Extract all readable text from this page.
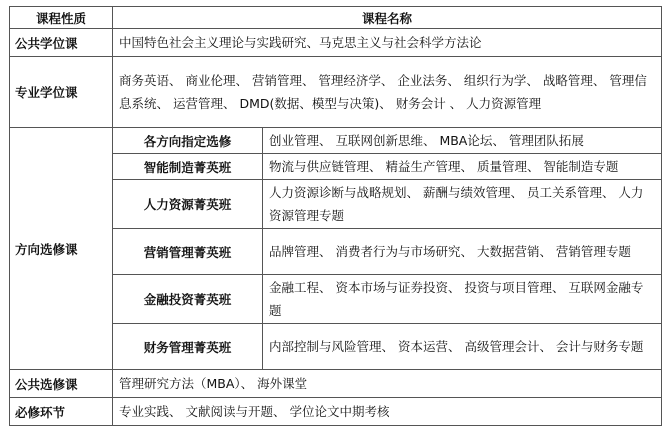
课程性质	课程名称	
公共学位课	中国特色社会主义理论与实践研究、马克思主义与社会科学方法论	
专业学位课	商务英语、 商业伦理、 营销管理、 管理经济学、 企业法务、 组织行为学、 战略管理、 管理信息系统、 运营管理、 DMD(数据、模型与决策)、 财务会计 、 人力资源管理	
方向选修课	各方向指定选修	创业管理、 互联网创新思维、 MBA论坛、 管理团队拓展
	智能制造菁英班	物流与供应链管理、 精益生产管理、 质量管理、 智能制造专题
	人力资源菁英班	人力资源诊断与战略规划、 薪酬与绩效管理、 员工关系管理、 人力资源管理专题
	营销管理菁英班	品牌管理、 消费者行为与市场研究、 大数据营销、 营销管理专题
	金融投资菁英班	金融工程、 资本市场与证券投资、 投资与项目管理、 互联网金融专题
	财务管理菁英班	内部控制与风险管理、 资本运营、 高级管理会计、 会计与财务专题
公共选修课	管理研究方法（MBA）、 海外课堂	
必修环节	专业实践、 文献阅读与开题、 学位论文中期考核	
